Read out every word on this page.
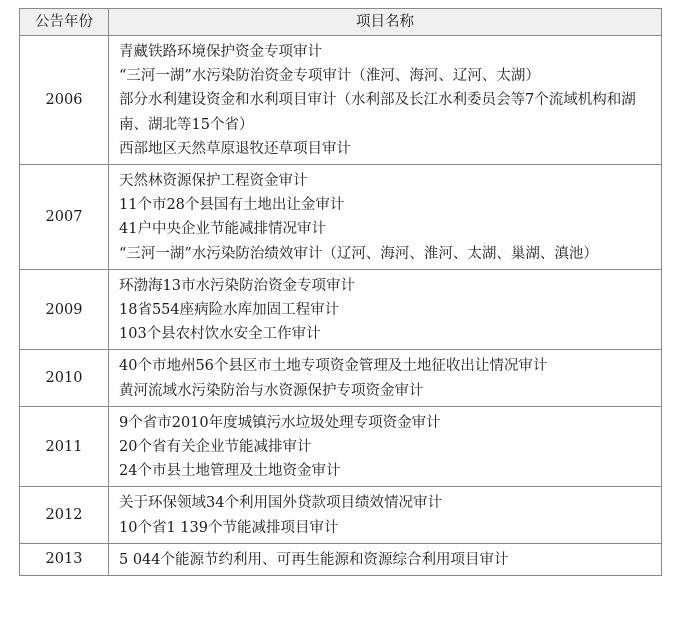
公告年份	项目名称
2006	青藏铁路环境保护资金专项审计
“三河一湖”水污染防治资金专项审计（淮河、海河、辽河、太湖）
部分水利建设资金和水利项目审计（水利部及长江水利委员会等7个流域机构和湖南、湖北等15个省）
西部地区天然草原退牧还草项目审计

2007	天然林资源保护工程资金审计
11个市28个县国有土地出让金审计
41户中央企业节能减排情况审计
“三河一湖”水污染防治绩效审计（辽河、海河、淮河、太湖、巢湖、滇池）

2009	环渤海13市水污染防治资金专项审计
18省554座病险水库加固工程审计
103个县农村饮水安全工作审计

2010	40个市地州56个县区市土地专项资金管理及土地征收出让情况审计
黄河流域水污染防治与水资源保护专项资金审计

2011	9个省市2010年度城镇污水垃圾处理专项资金审计
20个省有关企业节能减排审计
24个市县土地管理及土地资金审计

2012	关于环保领域34个利用国外贷款项目绩效情况审计
10个省1 139个节能减排项目审计

2013	5 044个能源节约利用、可再生能源和资源综合利用项目审计
